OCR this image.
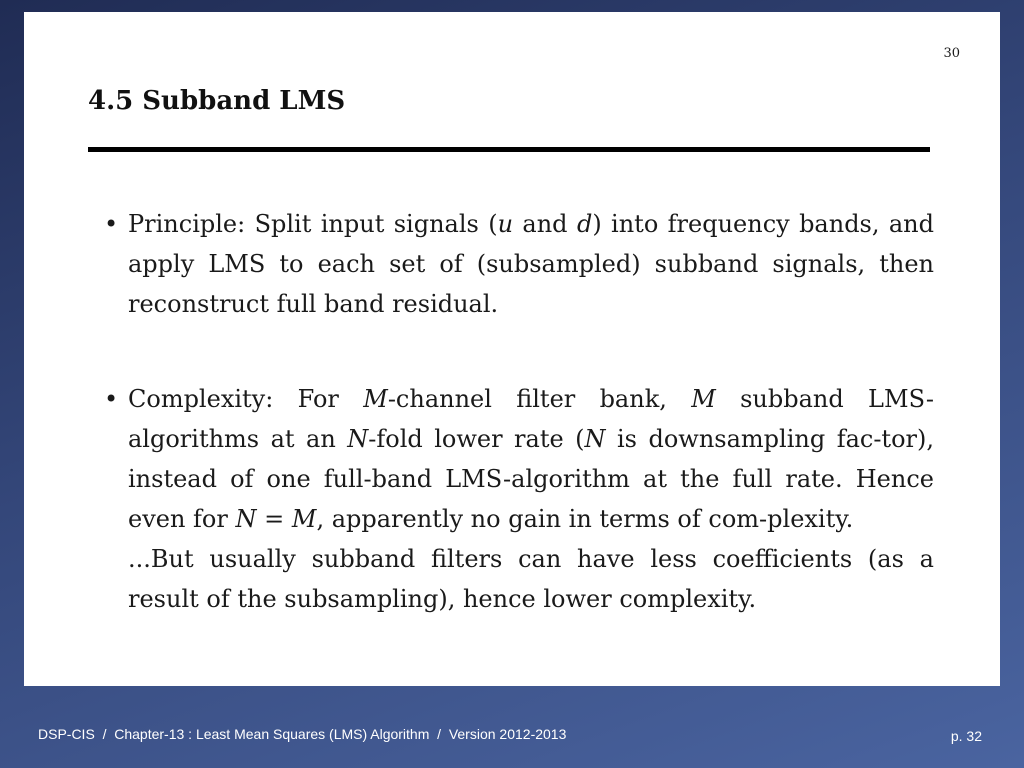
30
4.5 Subband LMS
• Principle: Split input signals (u and d) into frequency bands, and apply LMS to each set of (subsampled) subband signals, then reconstruct full band residual.
• Complexity: For M-channel filter bank, M subband LMS-algorithms at an N-fold lower rate (N is downsampling fac-tor), instead of one full-band LMS-algorithm at the full rate. Hence even for N = M, apparently no gain in terms of com-plexity.
...But usually subband filters can have less coefficients (as a result of the subsampling), hence lower complexity.
DSP-CIS  /  Chapter-13 : Least Mean Squares (LMS) Algorithm  /  Version 2012-2013	p. 32
